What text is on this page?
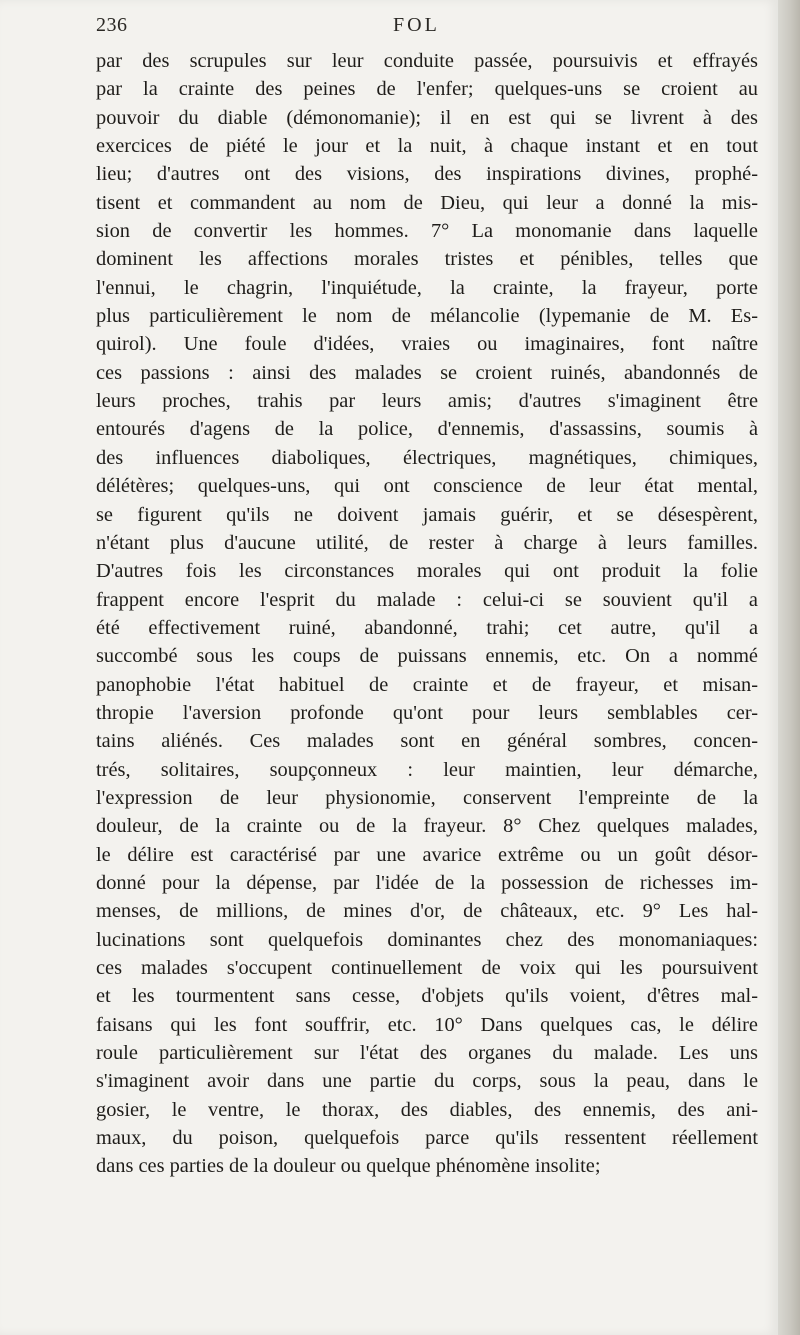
236	FOL
par des scrupules sur leur conduite passée, poursuivis et effrayés
par la crainte des peines de l'enfer; quelques-uns se croient au
pouvoir du diable (démonomanie); il en est qui se livrent à des
exercices de piété le jour et la nuit, à chaque instant et en tout
lieu; d'autres ont des visions, des inspirations divines, prophé-
tisent et commandent au nom de Dieu, qui leur a donné la mis-
sion de convertir les hommes. 7° La monomanie dans laquelle
dominent les affections morales tristes et pénibles, telles que
l'ennui, le chagrin, l'inquiétude, la crainte, la frayeur, porte
plus particulièrement le nom de mélancolie (lypemanie de M. Es-
quirol). Une foule d'idées, vraies ou imaginaires, font naître
ces passions : ainsi des malades se croient ruinés, abandonnés de
leurs proches, trahis par leurs amis; d'autres s'imaginent être
entourés d'agens de la police, d'ennemis, d'assassins, soumis à
des influences diaboliques, électriques, magnétiques, chimiques,
délétères; quelques-uns, qui ont conscience de leur état mental,
se figurent qu'ils ne doivent jamais guérir, et se désespèrent,
n'étant plus d'aucune utilité, de rester à charge à leurs familles.
D'autres fois les circonstances morales qui ont produit la folie
frappent encore l'esprit du malade : celui-ci se souvient qu'il a
été effectivement ruiné, abandonné, trahi; cet autre, qu'il a
succombé sous les coups de puissans ennemis, etc. On a nommé
panophobie l'état habituel de crainte et de frayeur, et misan-
thropie l'aversion profonde qu'ont pour leurs semblables cer-
tains aliénés. Ces malades sont en général sombres, concen-
trés, solitaires, soupçonneux : leur maintien, leur démarche,
l'expression de leur physionomie, conservent l'empreinte de la
douleur, de la crainte ou de la frayeur. 8° Chez quelques malades,
le délire est caractérisé par une avarice extrême ou un goût désor-
donné pour la dépense, par l'idée de la possession de richesses im-
menses, de millions, de mines d'or, de châteaux, etc. 9° Les hal-
lucinations sont quelquefois dominantes chez des monomaniaques:
ces malades s'occupent continuellement de voix qui les poursuivent
et les tourmentent sans cesse, d'objets qu'ils voient, d'êtres mal-
faisans qui les font souffrir, etc. 10° Dans quelques cas, le délire
roule particulièrement sur l'état des organes du malade. Les uns
s'imaginent avoir dans une partie du corps, sous la peau, dans le
gosier, le ventre, le thorax, des diables, des ennemis, des ani-
maux, du poison, quelquefois parce qu'ils ressentent réellement
dans ces parties de la douleur ou quelque phénomène insolite;
